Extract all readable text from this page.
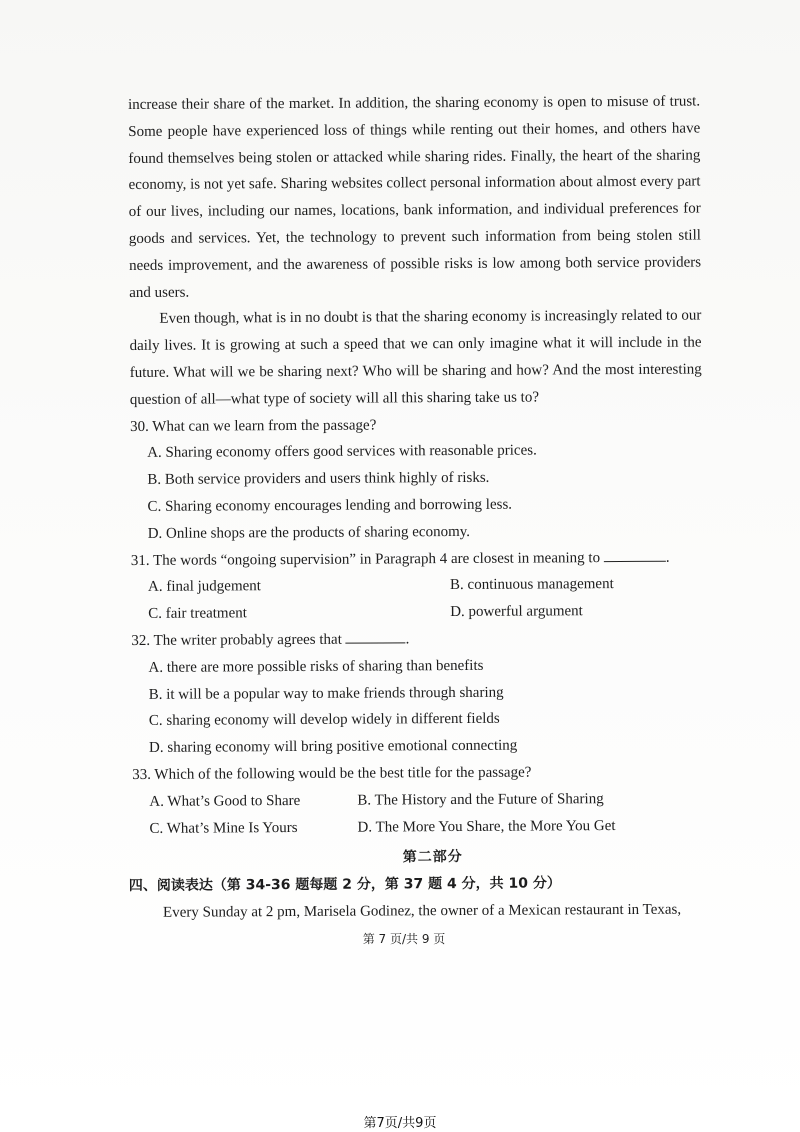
increase their share of the market. In addition, the sharing economy is open to misuse of trust. Some people have experienced loss of things while renting out their homes, and others have found themselves being stolen or attacked while sharing rides. Finally, the heart of the sharing economy, is not yet safe. Sharing websites collect personal information about almost every part of our lives, including our names, locations, bank information, and individual preferences for goods and services. Yet, the technology to prevent such information from being stolen still needs improvement, and the awareness of possible risks is low among both service providers and users.

Even though, what is in no doubt is that the sharing economy is increasingly related to our daily lives. It is growing at such a speed that we can only imagine what it will include in the future. What will we be sharing next? Who will be sharing and how? And the most interesting question of all—what type of society will all this sharing take us to?

30. What can we learn from the passage?

A. Sharing economy offers good services with reasonable prices.

B. Both service providers and users think highly of risks.

C. Sharing economy encourages lending and borrowing less.

D. Online shops are the products of sharing economy.

31. The words “ongoing supervision” in Paragraph 4 are closest in meaning to	.

A. final judgement	B. continuous management

C. fair treatment	D. powerful argument

32. The writer probably agrees that	.

A. there are more possible risks of sharing than benefits

B. it will be a popular way to make friends through sharing

C. sharing economy will develop widely in different fields

D. sharing economy will bring positive emotional connecting

33. Which of the following would be the best title for the passage?

A. What’s Good to Share	B. The History and the Future of Sharing

C. What’s Mine Is Yours	D. The More You Share, the More You Get

第二部分

四、阅读表达（第 34-36 题每题 2 分，第 37 题 4 分，共 10 分）

Every Sunday at 2 pm, Marisela Godinez, the owner of a Mexican restaurant in Texas,

第 7 页/共 9 页
第7页/共9页
